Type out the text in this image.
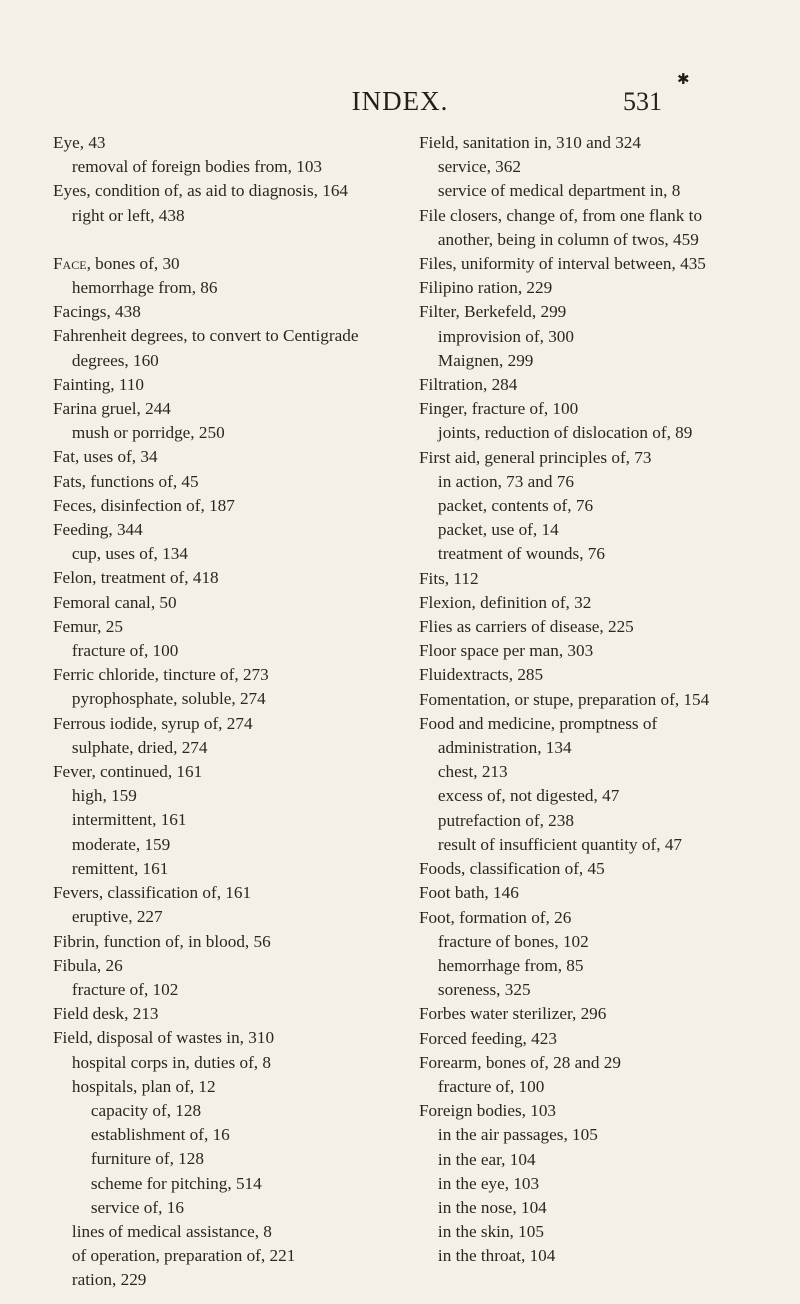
✱
INDEX.	531
Eye, 43
removal of foreign bodies from, 103
Eyes, condition of, as aid to diagnosis, 164
right or left, 438
Face, bones of, 30
hemorrhage from, 86
Facings, 438
Fahrenheit degrees, to convert to Centigrade degrees, 160
Fainting, 110
Farina gruel, 244
mush or porridge, 250
Fat, uses of, 34
Fats, functions of, 45
Feces, disinfection of, 187
Feeding, 344
cup, uses of, 134
Felon, treatment of, 418
Femoral canal, 50
Femur, 25
fracture of, 100
Ferric chloride, tincture of, 273
pyrophosphate, soluble, 274
Ferrous iodide, syrup of, 274
sulphate, dried, 274
Fever, continued, 161
high, 159
intermittent, 161
moderate, 159
remittent, 161
Fevers, classification of, 161
eruptive, 227
Fibrin, function of, in blood, 56
Fibula, 26
fracture of, 102
Field desk, 213
Field, disposal of wastes in, 310
hospital corps in, duties of, 8
hospitals, plan of, 12
capacity of, 128
establishment of, 16
furniture of, 128
scheme for pitching, 514
service of, 16
lines of medical assistance, 8
of operation, preparation of, 221
ration, 229
Field, sanitation in, 310 and 324
service, 362
service of medical department in, 8
File closers, change of, from one flank to another, being in column of twos, 459
Files, uniformity of interval between, 435
Filipino ration, 229
Filter, Berkefeld, 299
improvision of, 300
Maignen, 299
Filtration, 284
Finger, fracture of, 100
joints, reduction of dislocation of, 89
First aid, general principles of, 73
in action, 73 and 76
packet, contents of, 76
packet, use of, 14
treatment of wounds, 76
Fits, 112
Flexion, definition of, 32
Flies as carriers of disease, 225
Floor space per man, 303
Fluidextracts, 285
Fomentation, or stupe, preparation of, 154
Food and medicine, promptness of administration, 134
chest, 213
excess of, not digested, 47
putrefaction of, 238
result of insufficient quantity of, 47
Foods, classification of, 45
Foot bath, 146
Foot, formation of, 26
fracture of bones, 102
hemorrhage from, 85
soreness, 325
Forbes water sterilizer, 296
Forced feeding, 423
Forearm, bones of, 28 and 29
fracture of, 100
Foreign bodies, 103
in the air passages, 105
in the ear, 104
in the eye, 103
in the nose, 104
in the skin, 105
in the throat, 104
